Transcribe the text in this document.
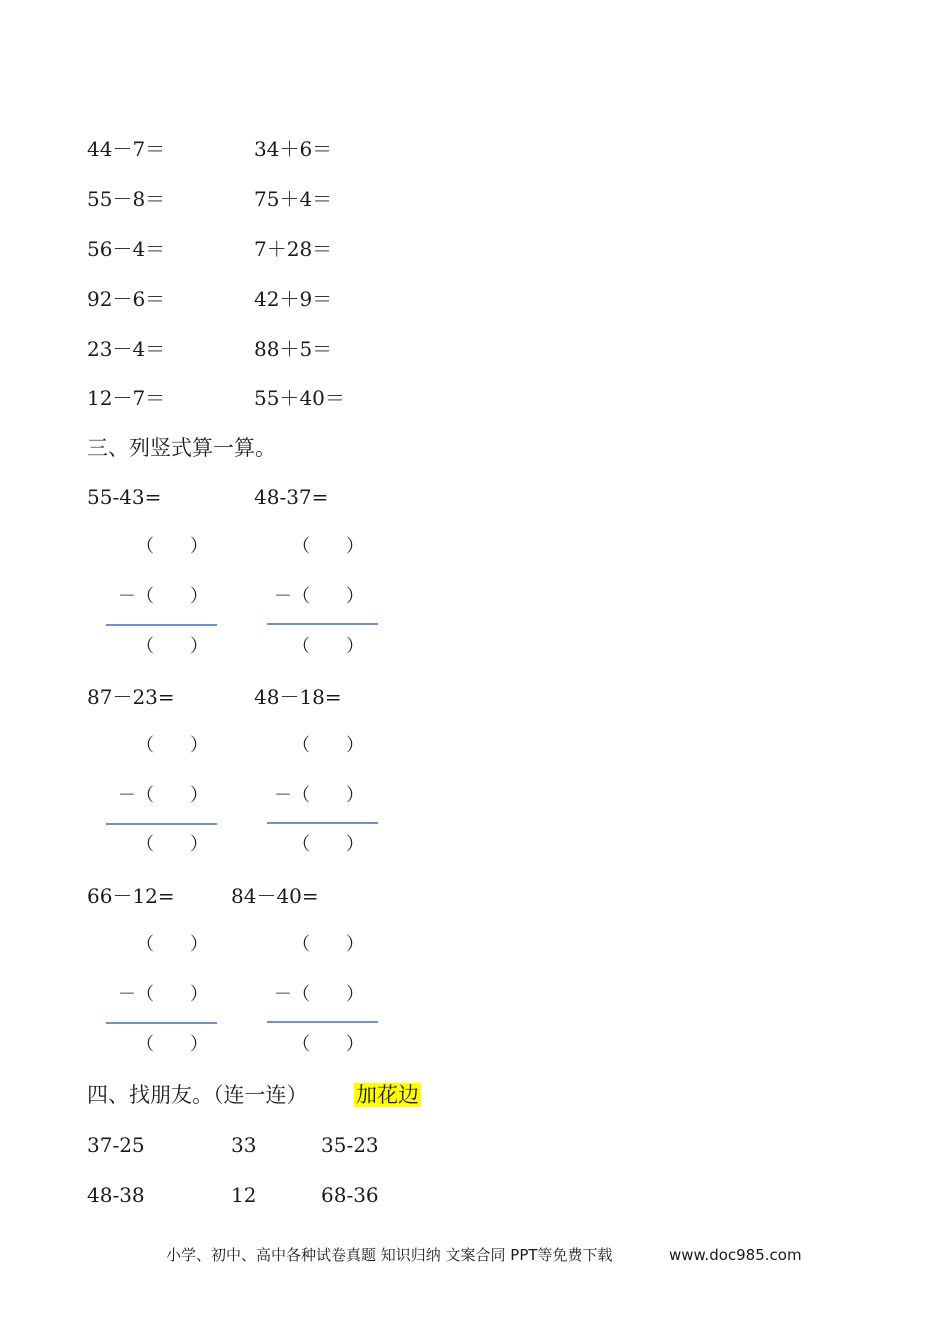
44－7＝	34＋6＝
55－8＝	75＋4＝
56－4＝	7＋28＝
92－6＝	42＋9＝
23－4＝	88＋5＝
12－7＝	55＋40＝
三、列竖式算一算。
55-43=	48-37=
（　　）	（　　）
－（　　）	－（　　）
（　　）	（　　）
87－23=	48－18=
（　　）	（　　）
－（　　）	－（　　）
（　　）	（　　）
66－12=	84－40=
（　　）	（　　）
－（　　）	－（　　）
（　　）	（　　）
四、找朋友。（连一连） 加花边
37-25	33	35-23
48-38	12	68-36
小学、初中、高中各种试卷真题 知识归纳 文案合同 PPT等免费下载	www.doc985.com
